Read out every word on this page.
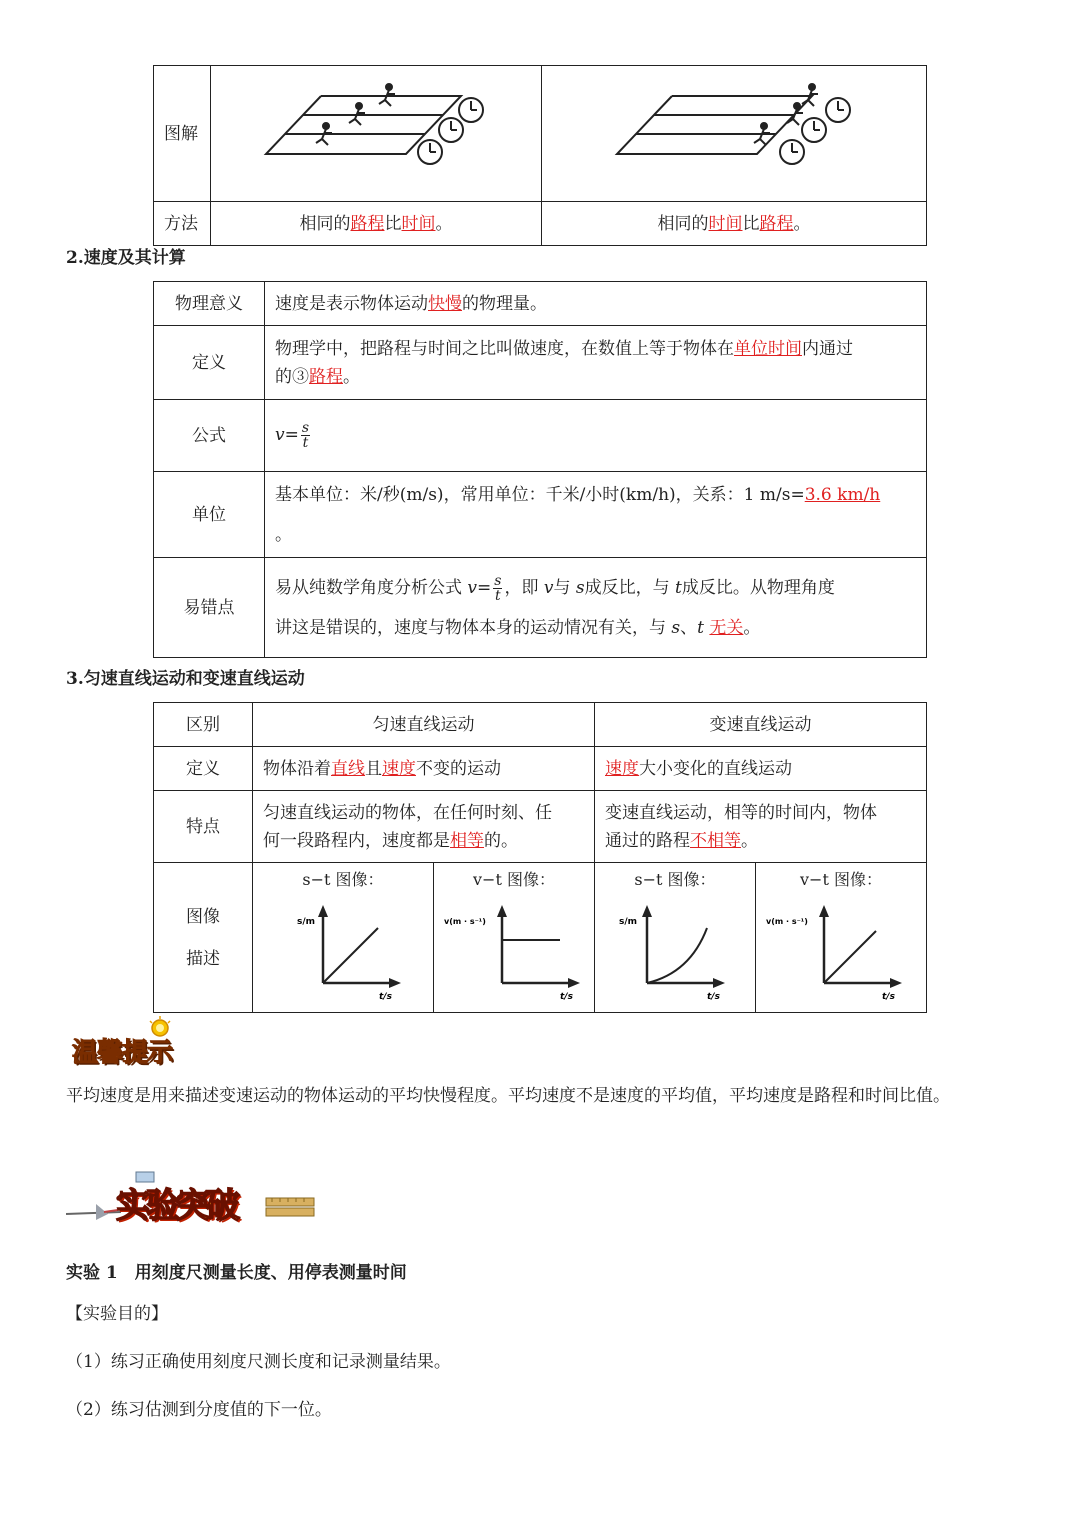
图解		
方法	相同的路程比时间。	相同的时间比路程。
2.速度及其计算
物理意义	速度是表示物体运动快慢的物理量。
定义	物理学中，把路程与时间之比叫做速度，在数值上等于物体在单位时间内通过
的③路程。
公式	$v= \frac{s}{t}$

单位	基本单位：米/秒(m/s)，常用单位：千米/小时(km/h)，关系：1 m/s=3.6 km/h
。
易错点	易从纯数学角度分析公式 $v= \frac{s}{t}$ ，即 v与 s成反比，与 t成反比。从物理角度
讲这是错误的，速度与物体本身的运动情况有关，与 s、t 无关。
3.匀速直线运动和变速直线运动
区别	匀速直线运动		变速直线运动	
定义	物体沿着直线且速度不变的运动		速度大小变化的直线运动	
特点	匀速直线运动的物体，在任何时刻、任
何一段路程内，速度都是相等的。		变速直线运动，相等的时间内，物体
通过的路程不相等。	
图像
描述	s−t 图像：
s/m
t/s	v−t 图像：
v(m · s⁻¹)
t/s	s−t 图像：
s/m
t/s	v−t 图像：
v(m · s⁻¹)
t/s
温馨提示
平均速度是用来描述变速运动的物体运动的平均快慢程度。平均速度不是速度的平均值，平均速度是路程和时间比值。
实验突破
实验 1　用刻度尺测量长度、用停表测量时间
【实验目的】
（1）练习正确使用刻度尺测长度和记录测量结果。
（2）练习估测到分度值的下一位。
